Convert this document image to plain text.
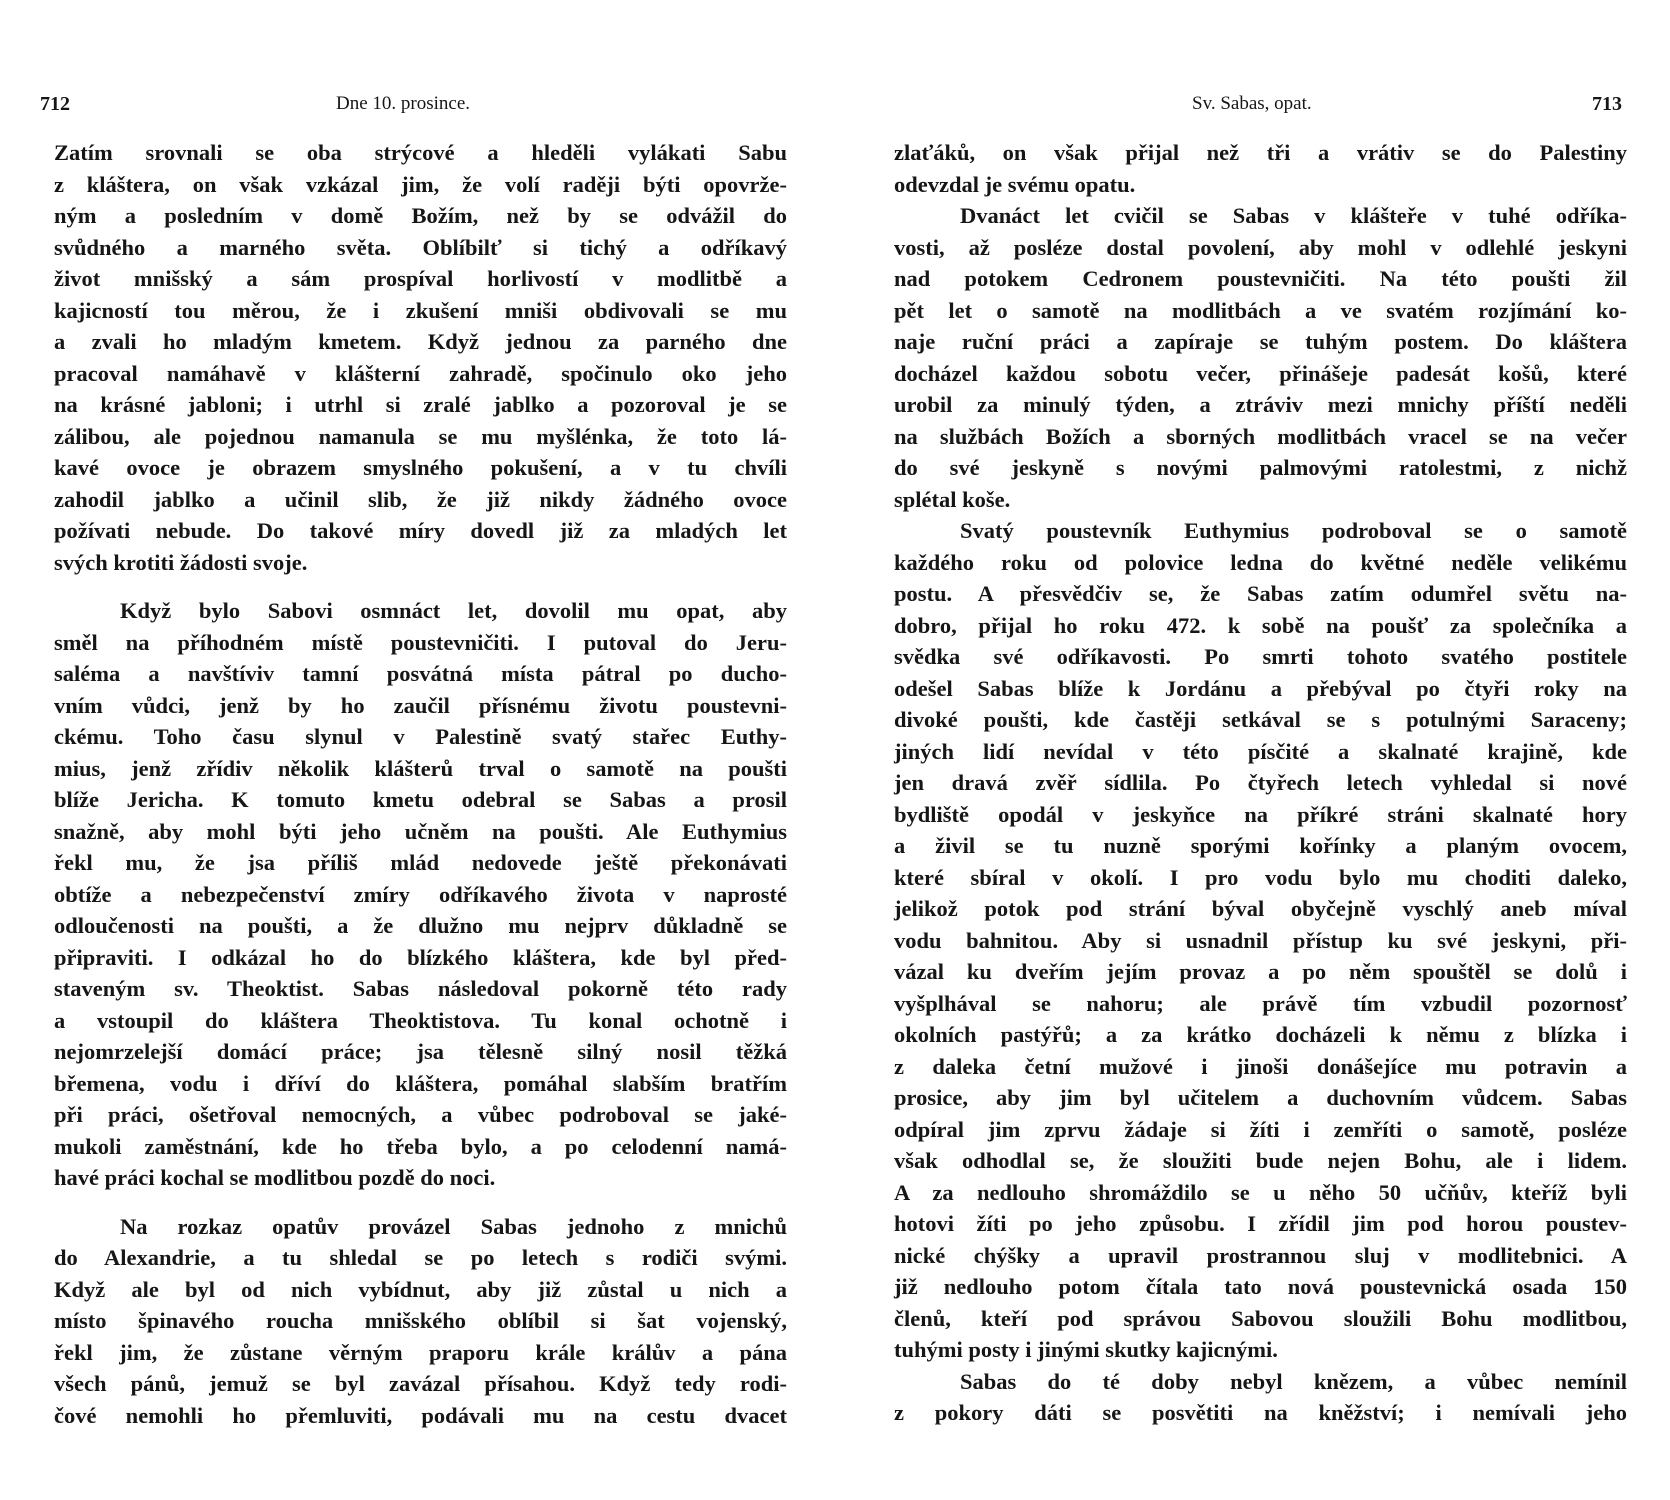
712	Dne 10. prosince.	Sv. Sabas, opat.	713
Zatím srovnali se oba strýcové a hleděli vylákati Sabu
z kláštera, on však vzkázal jim, že volí raději býti opovrže-
ným a posledním v domě Božím, než by se odvážil do
svůdného a marného světa. Oblíbilť si tichý a odříkavý
život mnišský a sám prospíval horlivostí v modlitbě a
kajicností tou měrou, že i zkušení mniši obdivovali se mu
a zvali ho mladým kmetem. Když jednou za parného dne
pracoval namáhavě v klášterní zahradě, spočinulo oko jeho
na krásné jabloni; i utrhl si zralé jablko a pozoroval je se
zálibou, ale pojednou namanula se mu myšlénka, že toto lá-
kavé ovoce je obrazem smyslného pokušení, a v tu chvíli
zahodil jablko a učinil slib, že již nikdy žádného ovoce
požívati nebude. Do takové míry dovedl již za mladých let
svých krotiti žádosti svoje.
Když bylo Sabovi osmnáct let, dovolil mu opat, aby
směl na příhodném místě poustevničiti. I putoval do Jeru-
saléma a navštíviv tamní posvátná místa pátral po ducho-
vním vůdci, jenž by ho zaučil přísnému životu poustevni-
ckému. Toho času slynul v Palestině svatý stařec Euthy-
mius, jenž zřídiv několik klášterů trval o samotě na poušti
blíže Jericha. K tomuto kmetu odebral se Sabas a prosil
snažně, aby mohl býti jeho učněm na poušti. Ale Euthymius
řekl mu, že jsa příliš mlád nedovede ještě překonávati
obtíže a nebezpečenství zmíry odříkavého života v naprosté
odloučenosti na poušti, a že dlužno mu nejprv důkladně se
připraviti. I odkázal ho do blízkého kláštera, kde byl před-
staveným sv. Theoktist. Sabas následoval pokorně této rady
a vstoupil do kláštera Theoktistova. Tu konal ochotně i
nejomrzelejší domácí práce; jsa tělesně silný nosil těžká
břemena, vodu i dříví do kláštera, pomáhal slabším bratřím
při práci, ošetřoval nemocných, a vůbec podroboval se jaké-
mukoli zaměstnání, kde ho třeba bylo, a po celodenní namá-
havé práci kochal se modlitbou pozdě do noci.
Na rozkaz opatův provázel Sabas jednoho z mnichů
do Alexandrie, a tu shledal se po letech s rodiči svými.
Když ale byl od nich vybídnut, aby již zůstal u nich a
místo špinavého roucha mnišského oblíbil si šat vojenský,
řekl jim, že zůstane věrným praporu krále králův a pána
všech pánů, jemuž se byl zavázal přísahou. Když tedy rodi-
čové nemohli ho přemluviti, podávali mu na cestu dvacet
zlaťáků, on však přijal než tři a vrátiv se do Palestiny
odevzdal je svému opatu.
Dvanáct let cvičil se Sabas v klášteře v tuhé odříka-
vosti, až posléze dostal povolení, aby mohl v odlehlé jeskyni
nad potokem Cedronem poustevničiti. Na této poušti žil
pět let o samotě na modlitbách a ve svatém rozjímání ko-
naje ruční práci a zapíraje se tuhým postem. Do kláštera
docházel každou sobotu večer, přinášeje padesát košů, které
urobil za minulý týden, a ztráviv mezi mnichy příští neděli
na službách Božích a sborných modlitbách vracel se na večer
do své jeskyně s novými palmovými ratolestmi, z nichž
splétal koše.
Svatý poustevník Euthymius podroboval se o samotě
každého roku od polovice ledna do květné neděle velikému
postu. A přesvědčiv se, že Sabas zatím odumřel světu na-
dobro, přijal ho roku 472. k sobě na poušť za společníka a
svědka své odříkavosti. Po smrti tohoto svatého postitele
odešel Sabas blíže k Jordánu a přebýval po čtyři roky na
divoké poušti, kde častěji setkával se s potulnými Saraceny;
jiných lidí nevídal v této písčité a skalnaté krajině, kde
jen dravá zvěř sídlila. Po čtyřech letech vyhledal si nové
bydliště opodál v jeskyňce na příkré stráni skalnaté hory
a živil se tu nuzně sporými kořínky a planým ovocem,
které sbíral v okolí. I pro vodu bylo mu choditi daleko,
jelikož potok pod strání býval obyčejně vyschlý aneb míval
vodu bahnitou. Aby si usnadnil přístup ku své jeskyni, při-
vázal ku dveřím jejím provaz a po něm spouštěl se dolů i
vyšplhával se nahoru; ale právě tím vzbudil pozornosť
okolních pastýřů; a za krátko docházeli k němu z blízka i
z daleka četní mužové i jinoši donášejíce mu potravin a
prosice, aby jim byl učitelem a duchovním vůdcem. Sabas
odpíral jim zprvu žádaje si žíti i zemříti o samotě, posléze
však odhodlal se, že sloužiti bude nejen Bohu, ale i lidem.
A za nedlouho shromáždilo se u něho 50 učňův, kteříž byli
hotovi žíti po jeho způsobu. I zřídil jim pod horou poustev-
nické chýšky a upravil prostrannou sluj v modlitebnici. A
již nedlouho potom čítala tato nová poustevnická osada 150
členů, kteří pod správou Sabovou sloužili Bohu modlitbou,
tuhými posty i jinými skutky kajicnými.
Sabas do té doby nebyl knězem, a vůbec nemínil
z pokory dáti se posvětiti na kněžství; i nemívali jeho
